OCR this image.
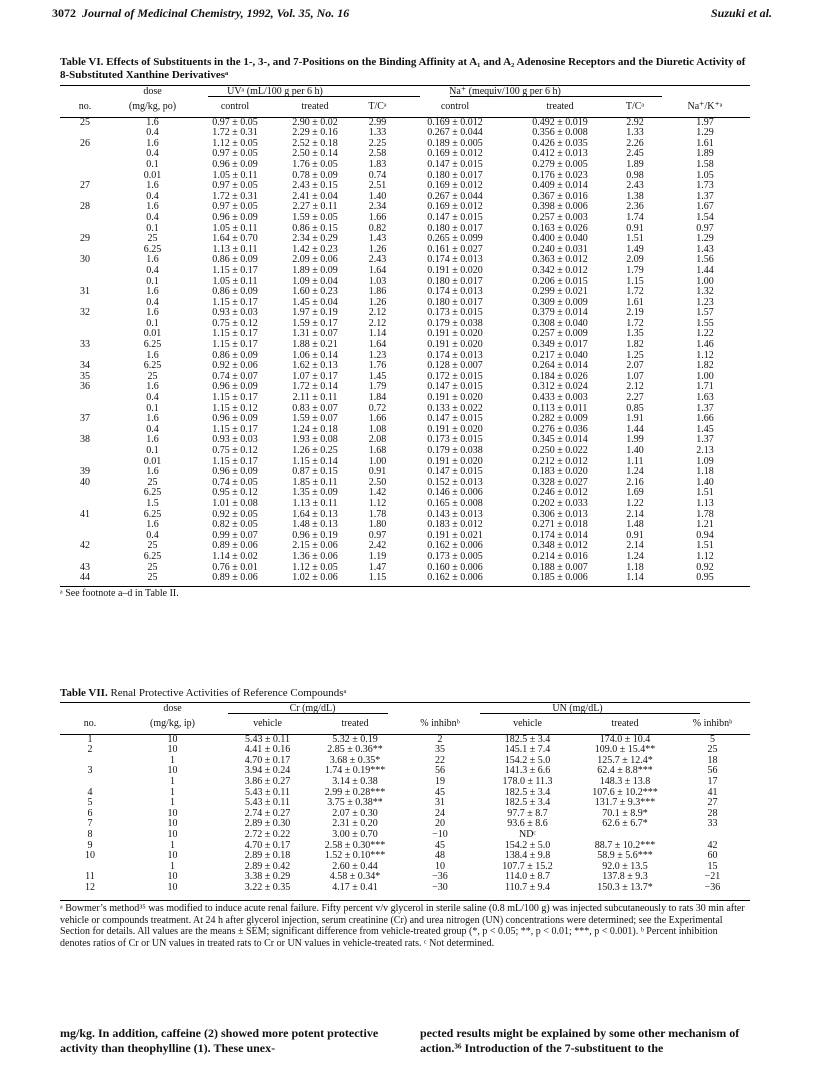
3072 Journal of Medicinal Chemistry, 1992, Vol. 35, No. 16	Suzuki et al.
Table VI. Effects of Substituents in the 1-, 3-, and 7-Positions on the Binding Affinity at A₁ and A₂ Adenosine Receptors and the Diuretic Activity of 8-Substituted Xanthine Derivativesᵃ
	dose	UVᵃ (mL/100 g per 6 h)			Na⁺ (mequiv/100 g per 6 h)			
no.	(mg/kg, po)	control	treated	T/Cᵃ	control	treated	T/Cᵃ	Na⁺/K⁺ᵃ
25	1.6	0.97 ± 0.05	2.90 ± 0.02	2.99	0.169 ± 0.012	0.492 ± 0.019	2.92	1.97
	0.4	1.72 ± 0.31	2.29 ± 0.16	1.33	0.267 ± 0.044	0.356 ± 0.008	1.33	1.29
26	1.6	1.12 ± 0.05	2.52 ± 0.18	2.25	0.189 ± 0.005	0.426 ± 0.035	2.26	1.61
	0.4	0.97 ± 0.05	2.50 ± 0.14	2.58	0.169 ± 0.012	0.412 ± 0.013	2.45	1.89
	0.1	0.96 ± 0.09	1.76 ± 0.05	1.83	0.147 ± 0.015	0.279 ± 0.005	1.89	1.58
	0.01	1.05 ± 0.11	0.78 ± 0.09	0.74	0.180 ± 0.017	0.176 ± 0.023	0.98	1.05
27	1.6	0.97 ± 0.05	2.43 ± 0.15	2.51	0.169 ± 0.012	0.409 ± 0.014	2.43	1.73
	0.4	1.72 ± 0.31	2.41 ± 0.04	1.40	0.267 ± 0.044	0.367 ± 0.016	1.38	1.37
28	1.6	0.97 ± 0.05	2.27 ± 0.11	2.34	0.169 ± 0.012	0.398 ± 0.006	2.36	1.67
	0.4	0.96 ± 0.09	1.59 ± 0.05	1.66	0.147 ± 0.015	0.257 ± 0.003	1.74	1.54
	0.1	1.05 ± 0.11	0.86 ± 0.15	0.82	0.180 ± 0.017	0.163 ± 0.026	0.91	0.97
29	25	1.64 ± 0.70	2.34 ± 0.29	1.43	0.265 ± 0.099	0.400 ± 0.040	1.51	1.29
	6.25	1.13 ± 0.11	1.42 ± 0.23	1.26	0.161 ± 0.027	0.240 ± 0.031	1.49	1.43
30	1.6	0.86 ± 0.09	2.09 ± 0.06	2.43	0.174 ± 0.013	0.363 ± 0.012	2.09	1.56
	0.4	1.15 ± 0.17	1.89 ± 0.09	1.64	0.191 ± 0.020	0.342 ± 0.012	1.79	1.44
	0.1	1.05 ± 0.11	1.09 ± 0.04	1.03	0.180 ± 0.017	0.206 ± 0.015	1.15	1.00
31	1.6	0.86 ± 0.09	1.60 ± 0.23	1.86	0.174 ± 0.013	0.299 ± 0.021	1.72	1.32
	0.4	1.15 ± 0.17	1.45 ± 0.04	1.26	0.180 ± 0.017	0.309 ± 0.009	1.61	1.23
32	1.6	0.93 ± 0.03	1.97 ± 0.19	2.12	0.173 ± 0.015	0.379 ± 0.014	2.19	1.57
	0.1	0.75 ± 0.12	1.59 ± 0.17	2.12	0.179 ± 0.038	0.308 ± 0.040	1.72	1.55
	0.01	1.15 ± 0.17	1.31 ± 0.07	1.14	0.191 ± 0.020	0.257 ± 0.009	1.35	1.22
33	6.25	1.15 ± 0.17	1.88 ± 0.21	1.64	0.191 ± 0.020	0.349 ± 0.017	1.82	1.46
	1.6	0.86 ± 0.09	1.06 ± 0.14	1.23	0.174 ± 0.013	0.217 ± 0.040	1.25	1.12
34	6.25	0.92 ± 0.06	1.62 ± 0.13	1.76	0.128 ± 0.007	0.264 ± 0.014	2.07	1.82
35	25	0.74 ± 0.07	1.07 ± 0.17	1.45	0.172 ± 0.015	0.184 ± 0.026	1.07	1.00
36	1.6	0.96 ± 0.09	1.72 ± 0.14	1.79	0.147 ± 0.015	0.312 ± 0.024	2.12	1.71
	0.4	1.15 ± 0.17	2.11 ± 0.11	1.84	0.191 ± 0.020	0.433 ± 0.003	2.27	1.63
	0.1	1.15 ± 0.12	0.83 ± 0.07	0.72	0.133 ± 0.022	0.113 ± 0.011	0.85	1.37
37	1.6	0.96 ± 0.09	1.59 ± 0.07	1.66	0.147 ± 0.015	0.282 ± 0.009	1.91	1.66
	0.4	1.15 ± 0.17	1.24 ± 0.18	1.08	0.191 ± 0.020	0.276 ± 0.036	1.44	1.45
38	1.6	0.93 ± 0.03	1.93 ± 0.08	2.08	0.173 ± 0.015	0.345 ± 0.014	1.99	1.37
	0.1	0.75 ± 0.12	1.26 ± 0.25	1.68	0.179 ± 0.038	0.250 ± 0.022	1.40	2.13
	0.01	1.15 ± 0.17	1.15 ± 0.14	1.00	0.191 ± 0.020	0.212 ± 0.012	1.11	1.09
39	1.6	0.96 ± 0.09	0.87 ± 0.15	0.91	0.147 ± 0.015	0.183 ± 0.020	1.24	1.18
40	25	0.74 ± 0.05	1.85 ± 0.11	2.50	0.152 ± 0.013	0.328 ± 0.027	2.16	1.40
	6.25	0.95 ± 0.12	1.35 ± 0.09	1.42	0.146 ± 0.006	0.246 ± 0.012	1.69	1.51
	1.5	1.01 ± 0.08	1.13 ± 0.11	1.12	0.165 ± 0.008	0.202 ± 0.033	1.22	1.13
41	6.25	0.92 ± 0.05	1.64 ± 0.13	1.78	0.143 ± 0.013	0.306 ± 0.013	2.14	1.78
	1.6	0.82 ± 0.05	1.48 ± 0.13	1.80	0.183 ± 0.012	0.271 ± 0.018	1.48	1.21
	0.4	0.99 ± 0.07	0.96 ± 0.19	0.97	0.191 ± 0.021	0.174 ± 0.014	0.91	0.94
42	25	0.89 ± 0.06	2.15 ± 0.06	2.42	0.162 ± 0.006	0.348 ± 0.012	2.14	1.51
	6.25	1.14 ± 0.02	1.36 ± 0.06	1.19	0.173 ± 0.005	0.214 ± 0.016	1.24	1.12
43	25	0.76 ± 0.01	1.12 ± 0.05	1.47	0.160 ± 0.006	0.188 ± 0.007	1.18	0.92
44	25	0.89 ± 0.06	1.02 ± 0.06	1.15	0.162 ± 0.006	0.185 ± 0.006	1.14	0.95
ᵃ See footnote a–d in Table II.
Table VII. Renal Protective Activities of Reference Compoundsᵃ
	dose	Cr (mg/dL)			UN (mg/dL)		
no.	(mg/kg, ip)	vehicle	treated	% inhibnᵇ	vehicle	treated	% inhibnᵇ
1	10	5.43 ± 0.11	5.32 ± 0.19	2	182.5 ± 3.4	174.0 ± 10.4	5
2	10	4.41 ± 0.16	2.85 ± 0.36**	35	145.1 ± 7.4	109.0 ± 15.4**	25
	1	4.70 ± 0.17	3.68 ± 0.35*	22	154.2 ± 5.0	125.7 ± 12.4*	18
3	10	3.94 ± 0.24	1.74 ± 0.19***	56	141.3 ± 6.6	62.4 ± 8.8***	56
	1	3.86 ± 0.27	3.14 ± 0.38	19	178.0 ± 11.3	148.3 ± 13.8	17
4	1	5.43 ± 0.11	2.99 ± 0.28***	45	182.5 ± 3.4	107.6 ± 10.2***	41
5	1	5.43 ± 0.11	3.75 ± 0.38**	31	182.5 ± 3.4	131.7 ± 9.3***	27
6	10	2.74 ± 0.27	2.07 ± 0.30	24	97.7 ± 8.7	70.1 ± 8.9*	28
7	10	2.89 ± 0.30	2.31 ± 0.20	20	93.6 ± 8.6	62.6 ± 6.7*	33
8	10	2.72 ± 0.22	3.00 ± 0.70	−10	NDᶜ		
9	1	4.70 ± 0.17	2.58 ± 0.30***	45	154.2 ± 5.0	88.7 ± 10.2***	42
10	10	2.89 ± 0.18	1.52 ± 0.10***	48	138.4 ± 9.8	58.9 ± 5.6***	60
	1	2.89 ± 0.42	2.60 ± 0.44	10	107.7 ± 15.2	92.0 ± 13.5	15
11	10	3.38 ± 0.29	4.58 ± 0.34*	−36	114.0 ± 8.7	137.8 ± 9.3	−21
12	10	3.22 ± 0.35	4.17 ± 0.41	−30	110.7 ± 9.4	150.3 ± 13.7*	−36
ᵃ Bowmer’s method³⁵ was modified to induce acute renal failure. Fifty percent v/v glycerol in sterile saline (0.8 mL/100 g) was injected subcutaneously to rats 30 min after vehicle or compounds treatment. At 24 h after glycerol injection, serum creatinine (Cr) and urea nitrogen (UN) concentrations were determined; see the Experimental Section for details. All values are the means ± SEM; significant difference from vehicle-treated group (*, p < 0.05; **, p < 0.01; ***, p < 0.001). ᵇ Percent inhibition denotes ratios of Cr or UN values in treated rats to Cr or UN values in vehicle-treated rats. ᶜ Not determined.
mg/kg. In addition, caffeine (2) showed more potent protective activity than theophylline (1). These unex-
pected results might be explained by some other mechanism of action.³⁶ Introduction of the 7-substituent to the
